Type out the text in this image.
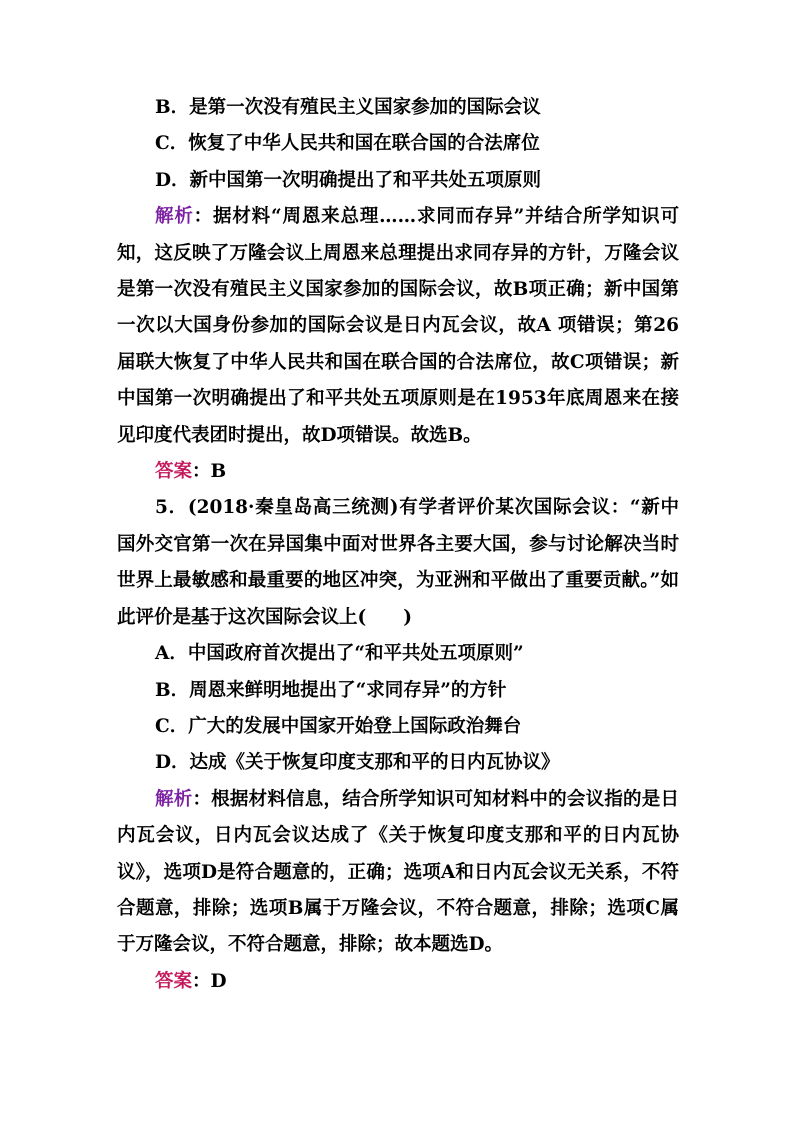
B．是第一次没有殖民主义国家参加的国际会议
C．恢复了中华人民共和国在联合国的合法席位
D．新中国第一次明确提出了和平共处五项原则
解析：据材料“周恩来总理……求同而存异”并结合所学知识可知，这反映了万隆会议上周恩来总理提出求同存异的方针，万隆会议是第一次没有殖民主义国家参加的国际会议，故B项正确；新中国第一次以大国身份参加的国际会议是日内瓦会议，故A 项错误；第26届联大恢复了中华人民共和国在联合国的合法席位，故C项错误；新中国第一次明确提出了和平共处五项原则是在1953年底周恩来在接见印度代表团时提出，故D项错误。故选B。
答案：B
5．(2018·秦皇岛高三统测)有学者评价某次国际会议：“新中国外交官第一次在异国集中面对世界各主要大国，参与讨论解决当时世界上最敏感和最重要的地区冲突，为亚洲和平做出了重要贡献。”如此评价是基于这次国际会议上(　　)
A．中国政府首次提出了“和平共处五项原则”
B．周恩来鲜明地提出了“求同存异”的方针
C．广大的发展中国家开始登上国际政治舞台
D．达成《关于恢复印度支那和平的日内瓦协议》
解析：根据材料信息，结合所学知识可知材料中的会议指的是日内瓦会议，日内瓦会议达成了《关于恢复印度支那和平的日内瓦协议》，选项D是符合题意的，正确；选项A和日内瓦会议无关系，不符合题意，排除；选项B属于万隆会议，不符合题意，排除；选项C属于万隆会议，不符合题意，排除；故本题选D。
答案：D
